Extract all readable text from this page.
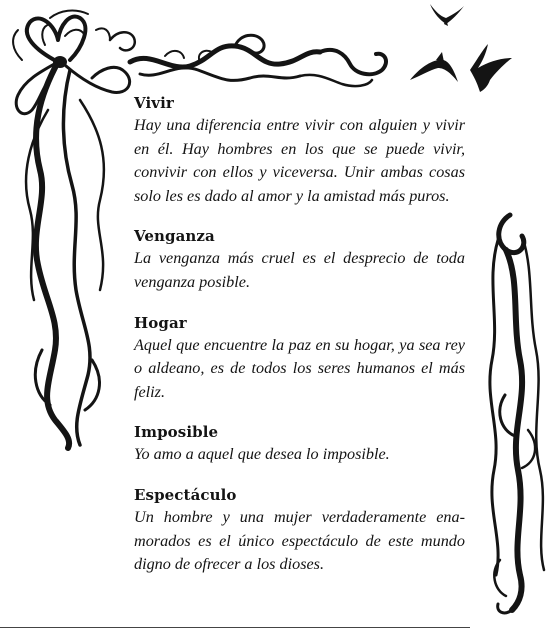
Vivir

Hay una diferencia entre vivir con alguien y vivir en él. Hay hombres en los que se puede vivir, convivir con ellos y viceversa. Unir ambas cosas solo les es dado al amor y la amistad más puros.

Venganza

La venganza más cruel es el desprecio de toda venganza posible.

Hogar

Aquel que encuentre la paz en su hogar, ya sea rey o aldeano, es de todos los seres humanos el más feliz.

Imposible

Yo amo a aquel que desea lo imposible.

Espectáculo

Un hombre y una mujer verdaderamente ena-morados es el único espectáculo de este mundo digno de ofrecer a los dioses.
